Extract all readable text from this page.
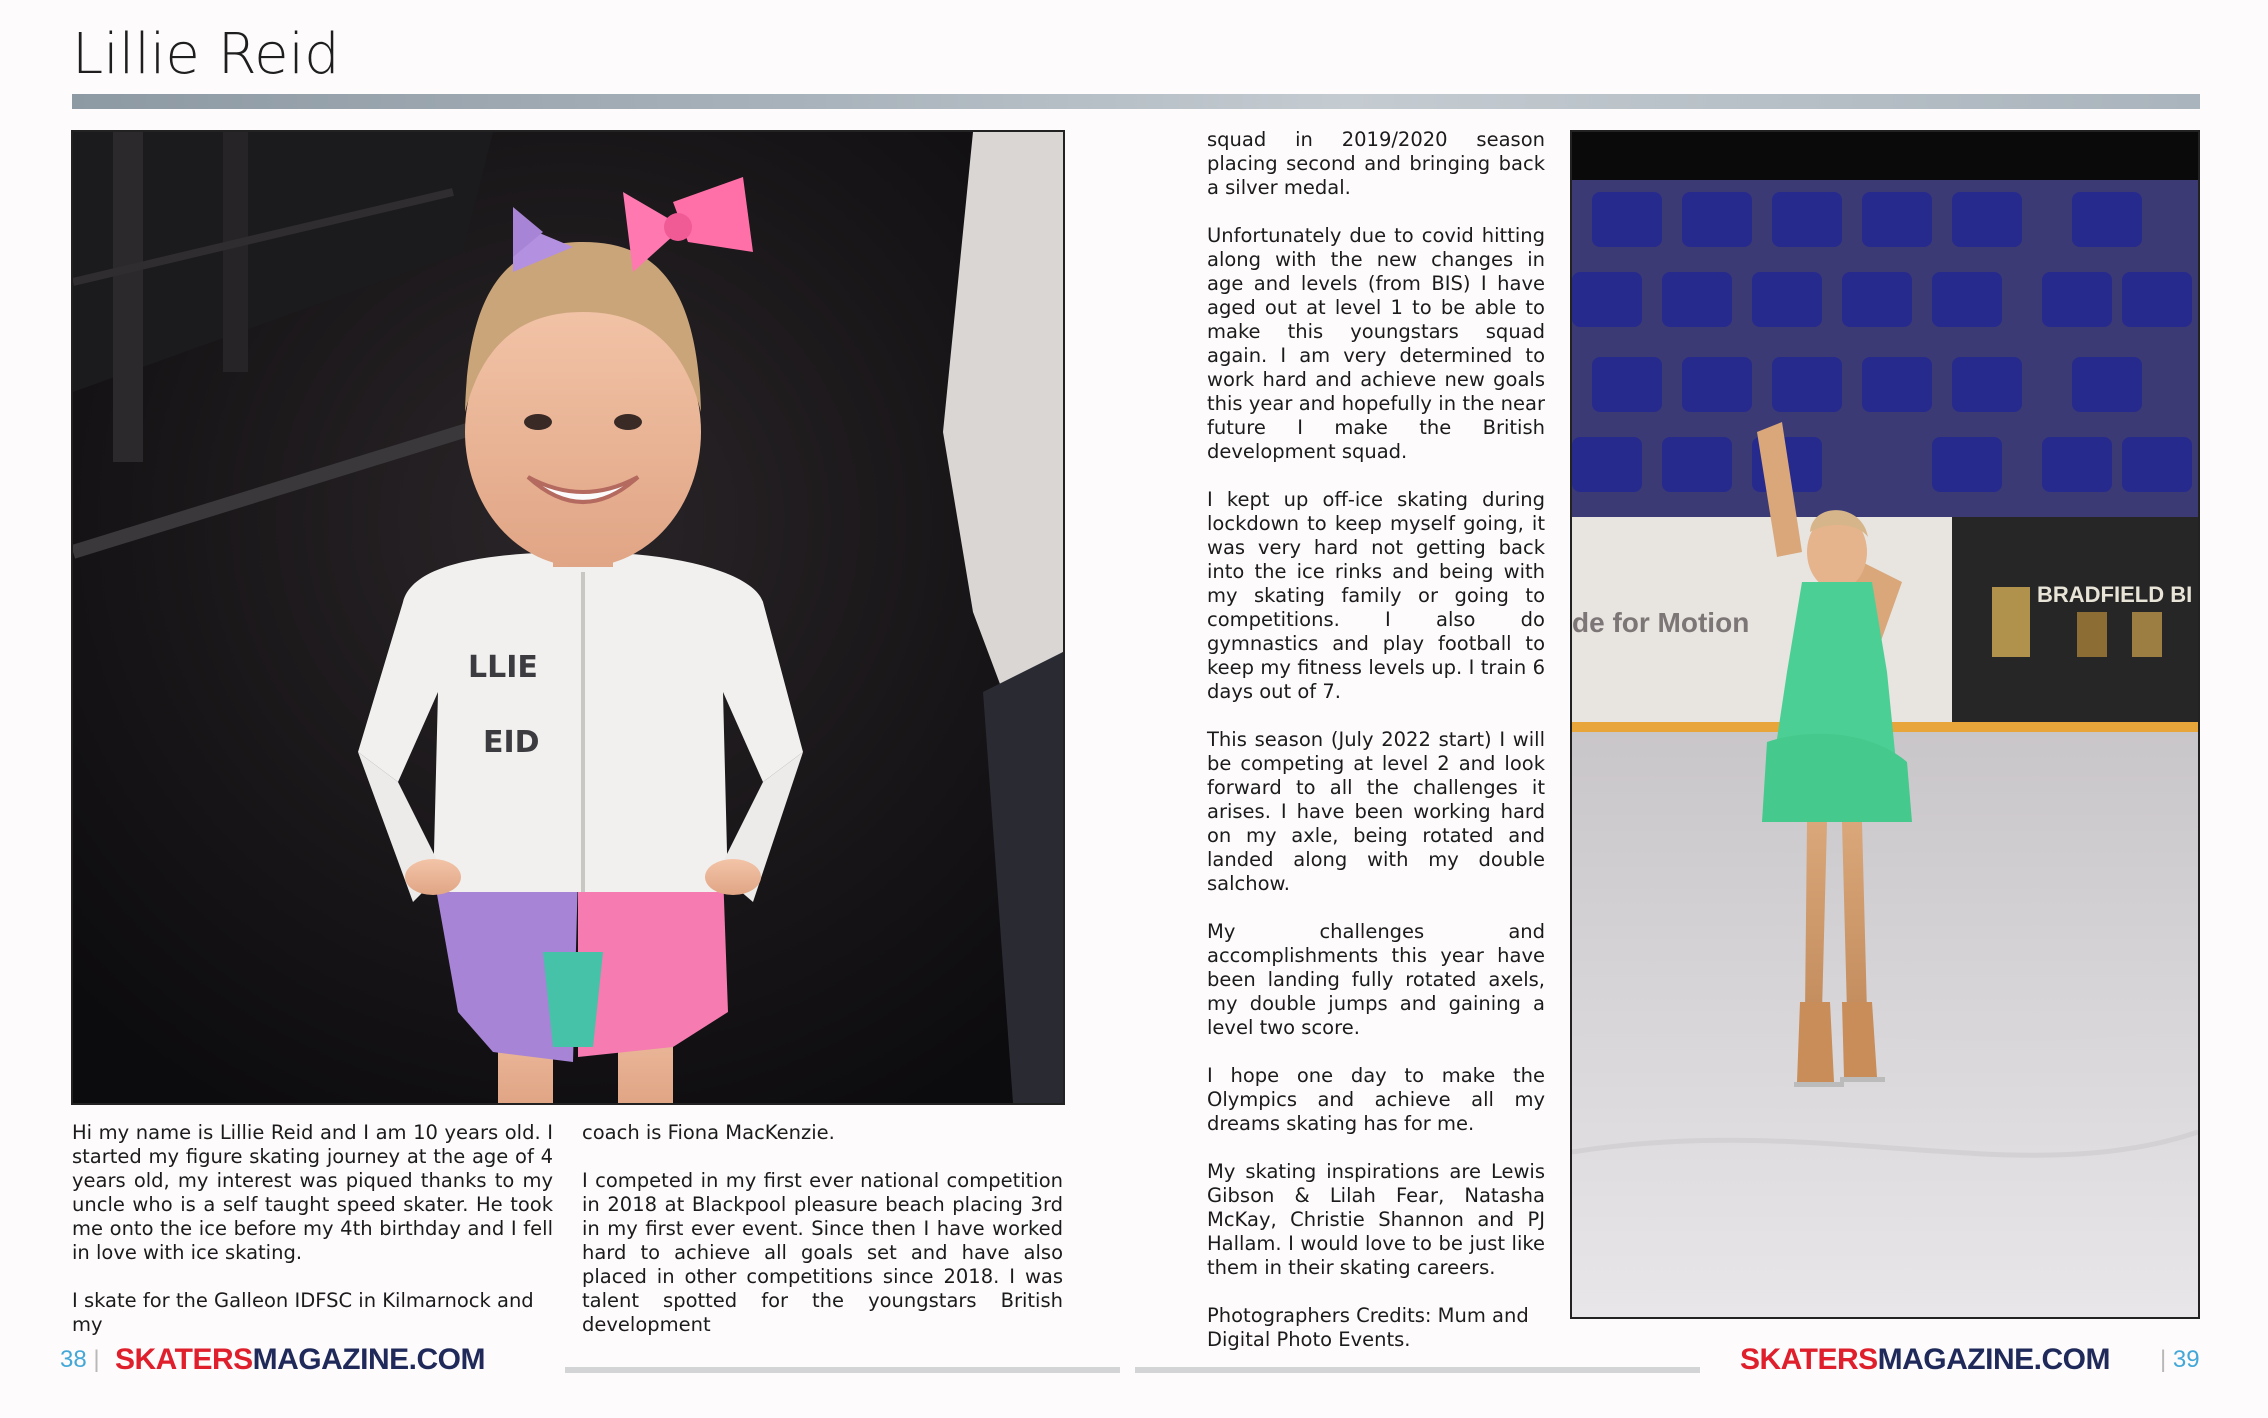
Lillie Reid
LLIE
EID
de for Motion
BRADFIELD BI

Hi my name is Lillie Reid and I am 10 years old. I started my figure skating journey at the age of 4 years old, my interest was piqued thanks to my uncle who is a self taught speed skater. He took me onto the ice before my 4th birthday and I fell in love with ice skating.

I skate for the Galleon IDFSC in Kilmarnock and my

coach is Fiona MacKenzie.

I competed in my first ever national competition in 2018 at Blackpool pleasure beach placing 3rd in my first ever event. Since then I have worked hard to achieve all goals set and have also placed in other competitions since 2018. I was talent spotted for the youngstars British development

squad in 2019/2020 season placing second and bringing back a silver medal.

Unfortunately due to covid hitting along with the new changes in age and levels (from BIS) I have aged out at level 1 to be able to make this youngstars squad again. I am very determined to work hard and achieve new goals this year and hopefully in the near future I make the British development squad.

I kept up off-ice skating during lockdown to keep myself going, it was very hard not getting back into the ice rinks and being with my skating family or going to competitions. I also do gymnastics and play football to keep my fitness levels up. I train 6 days out of 7.

This season (July 2022 start) I will be competing at level 2 and look forward to all the challenges it arises. I have been working hard on my axle, being rotated and landed along with my double salchow.

My challenges and accomplishments this year have been landing fully rotated axels, my double jumps and gaining a level two score.

I hope one day to make the Olympics and achieve all my dreams skating has for me.

My skating inspirations are Lewis Gibson & Lilah Fear, Natasha McKay, Christie Shannon and PJ Hallam. I would love to be just like them in their skating careers.

Photographers Credits: Mum and Digital Photo Events.

38 | SKATERSMAGAZINE.COM	SKATERSMAGAZINE.COM | 39
